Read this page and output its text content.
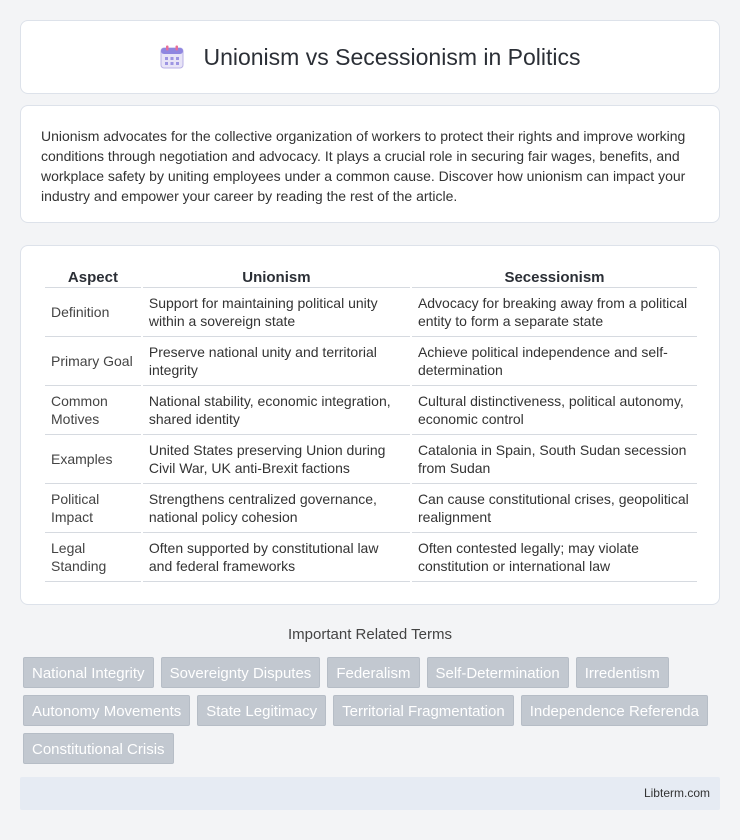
Unionism vs Secessionism in Politics

Unionism advocates for the collective organization of workers to protect their rights and improve working conditions through negotiation and advocacy. It plays a crucial role in securing fair wages, benefits, and workplace safety by uniting employees under a common cause. Discover how unionism can impact your industry and empower your career by reading the rest of the article.

Aspect	Unionism	Secessionism
Definition	Support for maintaining political unity within a sovereign state	Advocacy for breaking away from a political entity to form a separate state
Primary Goal	Preserve national unity and territorial integrity	Achieve political independence and self-determination
Common Motives	National stability, economic integration, shared identity	Cultural distinctiveness, political autonomy, economic control
Examples	United States preserving Union during Civil War, UK anti-Brexit factions	Catalonia in Spain, South Sudan secession from Sudan
Political Impact	Strengthens centralized governance, national policy cohesion	Can cause constitutional crises, geopolitical realignment
Legal Standing	Often supported by constitutional law and federal frameworks	Often contested legally; may violate constitution or international law
Important Related Terms
National Integrity	Sovereignty Disputes	Federalism	Self-Determination	Irredentism
Autonomy Movements	State Legitimacy	Territorial Fragmentation	Independence Referenda
Constitutional Crisis
Libterm.com
